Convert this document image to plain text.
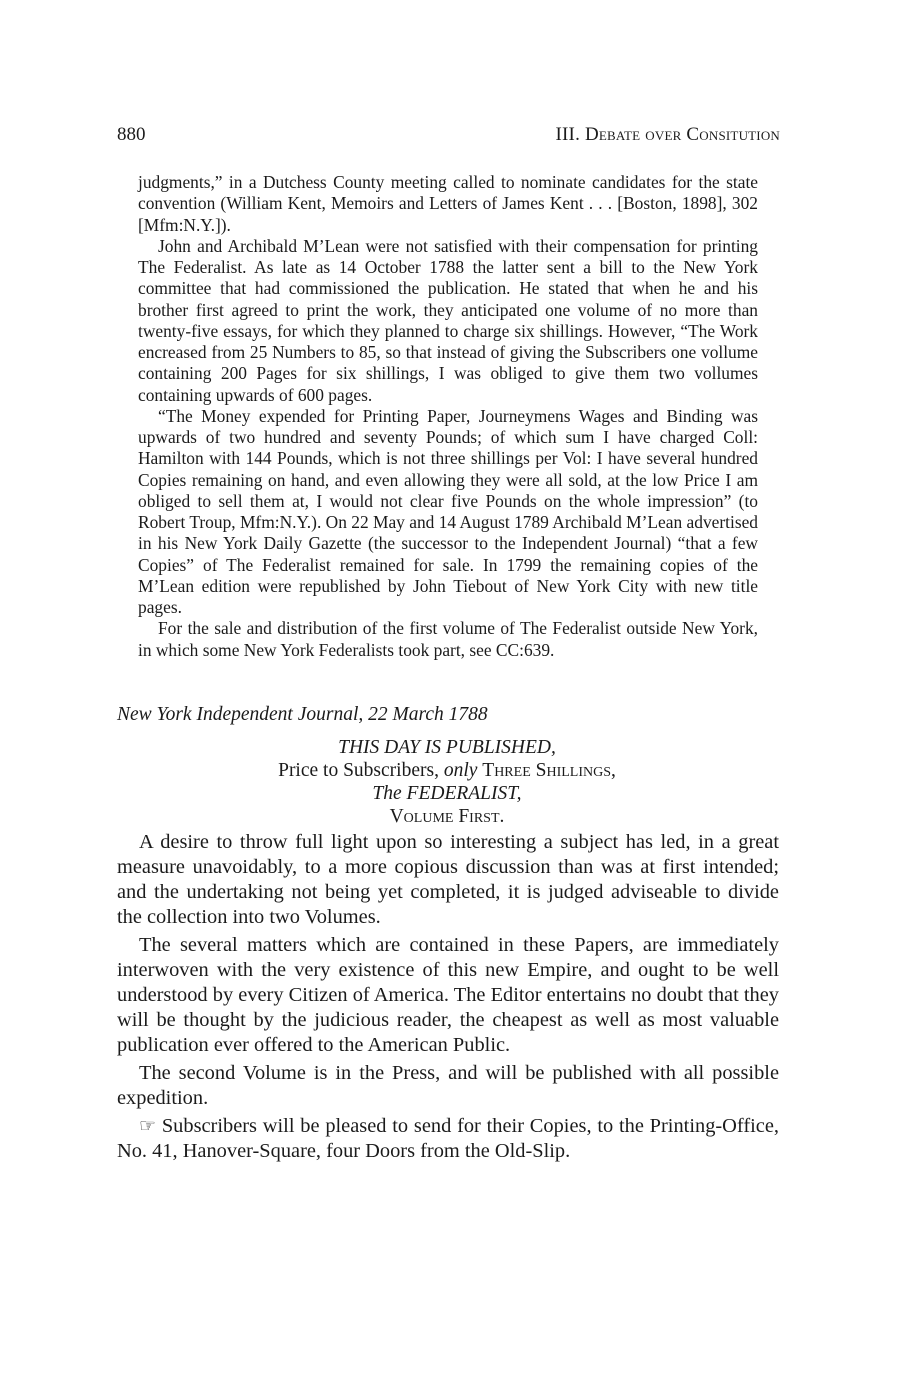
880	III. Debate over Consitution

judgments,” in a Dutchess County meeting called to nominate candidates for the state convention (William Kent, Memoirs and Letters of James Kent . . . [Boston, 1898], 302 [Mfm:N.Y.]).

John and Archibald M’Lean were not satisfied with their compensation for printing The Federalist. As late as 14 October 1788 the latter sent a bill to the New York committee that had commissioned the publication. He stated that when he and his brother first agreed to print the work, they anticipated one volume of no more than twenty-five essays, for which they planned to charge six shillings. However, “The Work encreased from 25 Numbers to 85, so that instead of giving the Subscribers one vollume containing 200 Pages for six shillings, I was obliged to give them two vollumes containing upwards of 600 pages.

“The Money expended for Printing Paper, Journeymens Wages and Binding was upwards of two hundred and seventy Pounds; of which sum I have charged Coll: Hamilton with 144 Pounds, which is not three shillings per Vol: I have several hundred Copies remaining on hand, and even allowing they were all sold, at the low Price I am obliged to sell them at, I would not clear five Pounds on the whole impression” (to Robert Troup, Mfm:N.Y.). On 22 May and 14 August 1789 Archibald M’Lean advertised in his New York Daily Gazette (the successor to the Independent Journal) “that a few Copies” of The Federalist remained for sale. In 1799 the remaining copies of the M’Lean edition were republished by John Tiebout of New York City with new title pages.

For the sale and distribution of the first volume of The Federalist outside New York, in which some New York Federalists took part, see CC:639.

New York Independent Journal, 22 March 1788
THIS DAY IS PUBLISHED,
Price to Subscribers, only Three Shillings,
The FEDERALIST,
Volume First.

A desire to throw full light upon so interesting a subject has led, in a great measure unavoidably, to a more copious discussion than was at first intended; and the undertaking not being yet completed, it is judged adviseable to divide the collection into two Volumes.

The several matters which are contained in these Papers, are immediately interwoven with the very existence of this new Empire, and ought to be well understood by every Citizen of America. The Editor entertains no doubt that they will be thought by the judicious reader, the cheapest as well as most valuable publication ever offered to the American Public.

The second Volume is in the Press, and will be published with all possible expedition.

☞ Subscribers will be pleased to send for their Copies, to the Printing-Office, No. 41, Hanover-Square, four Doors from the Old-Slip.
